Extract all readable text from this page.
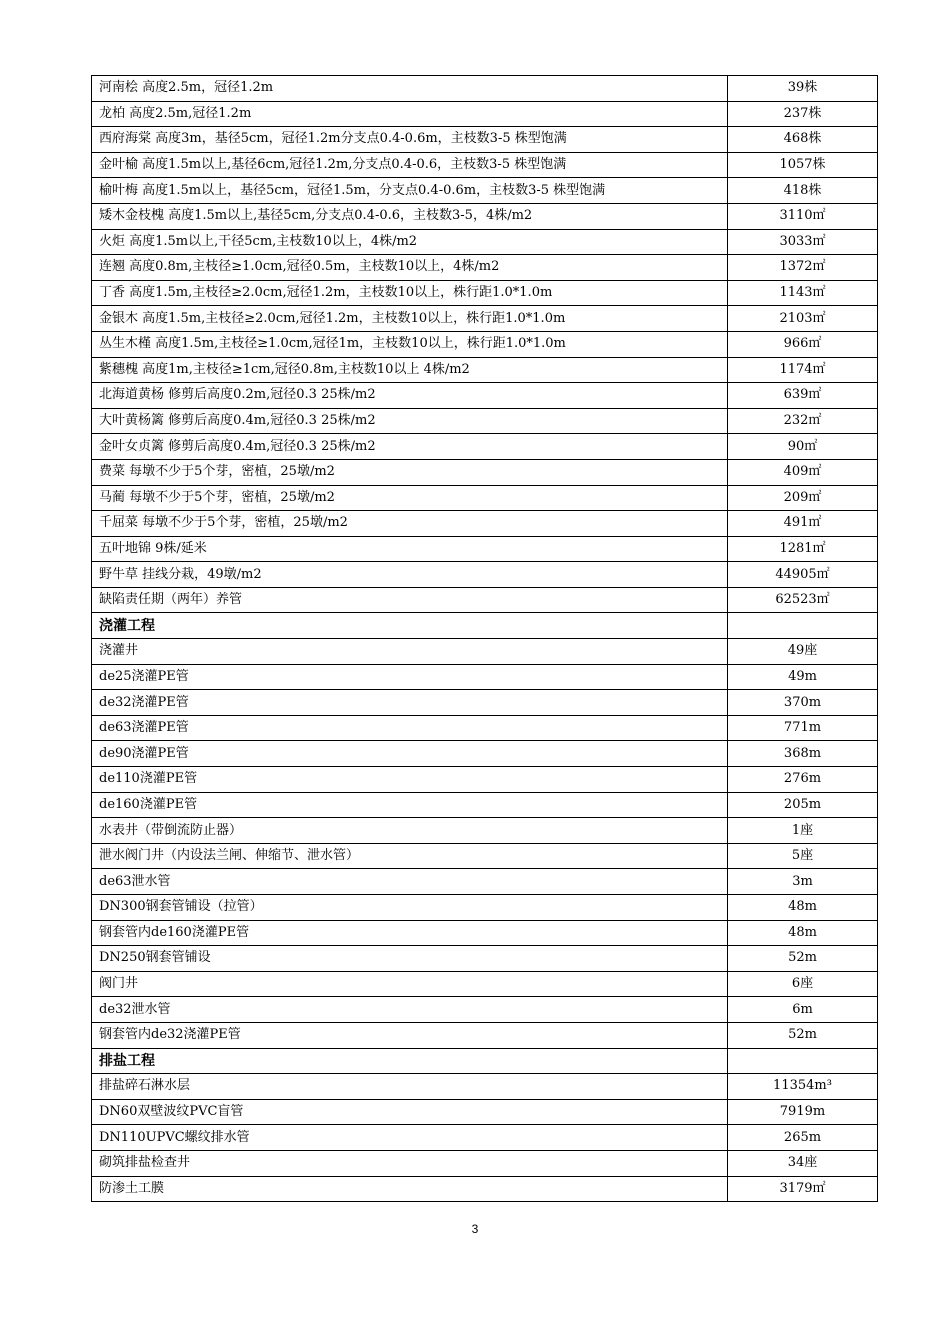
河南桧 高度2.5m，冠径1.2m	39株
龙柏 高度2.5m,冠径1.2m	237株
西府海棠 高度3m，基径5cm，冠径1.2m分支点0.4-0.6m，主枝数3-5 株型饱满	468株
金叶榆 高度1.5m以上,基径6cm,冠径1.2m,分支点0.4-0.6，主枝数3-5 株型饱满	1057株
榆叶梅 高度1.5m以上，基径5cm，冠径1.5m，分支点0.4-0.6m，主枝数3-5 株型饱满	418株
矮木金枝槐 高度1.5m以上,基径5cm,分支点0.4-0.6，主枝数3-5，4株/m2	3110㎡
火炬 高度1.5m以上,干径5cm,主枝数10以上，4株/m2	3033㎡
连翘 高度0.8m,主枝径≥1.0cm,冠径0.5m，主枝数10以上，4株/m2	1372㎡
丁香 高度1.5m,主枝径≥2.0cm,冠径1.2m，主枝数10以上，株行距1.0*1.0m	1143㎡
金银木 高度1.5m,主枝径≥2.0cm,冠径1.2m，主枝数10以上，株行距1.0*1.0m	2103㎡
丛生木槿 高度1.5m,主枝径≥1.0cm,冠径1m，主枝数10以上，株行距1.0*1.0m	966㎡
紫穗槐 高度1m,主枝径≥1cm,冠径0.8m,主枝数10以上 4株/m2	1174㎡
北海道黄杨 修剪后高度0.2m,冠径0.3 25株/m2	639㎡
大叶黄杨篱 修剪后高度0.4m,冠径0.3 25株/m2	232㎡
金叶女贞篱 修剪后高度0.4m,冠径0.3 25株/m2	90㎡
费菜 每墩不少于5个芽，密植，25墩/m2	409㎡
马蔺 每墩不少于5个芽，密植，25墩/m2	209㎡
千屈菜 每墩不少于5个芽，密植，25墩/m2	491㎡
五叶地锦 9株/延米	1281㎡
野牛草 挂线分栽，49墩/m2	44905㎡
缺陷责任期（两年）养管	62523㎡
浇灌工程	
浇灌井	49座
de25浇灌PE管	49m
de32浇灌PE管	370m
de63浇灌PE管	771m
de90浇灌PE管	368m
de110浇灌PE管	276m
de160浇灌PE管	205m
水表井（带倒流防止器）	1座
泄水阀门井（内设法兰闸、伸缩节、泄水管）	5座
de63泄水管	3m
DN300钢套管铺设（拉管）	48m
钢套管内de160浇灌PE管	48m
DN250钢套管铺设	52m
阀门井	6座
de32泄水管	6m
钢套管内de32浇灌PE管	52m
排盐工程	
排盐碎石淋水层	11354m³
DN60双壁波纹PVC盲管	7919m
DN110UPVC螺纹排水管	265m
砌筑排盐检查井	34座
防渗土工膜	3179㎡
3
